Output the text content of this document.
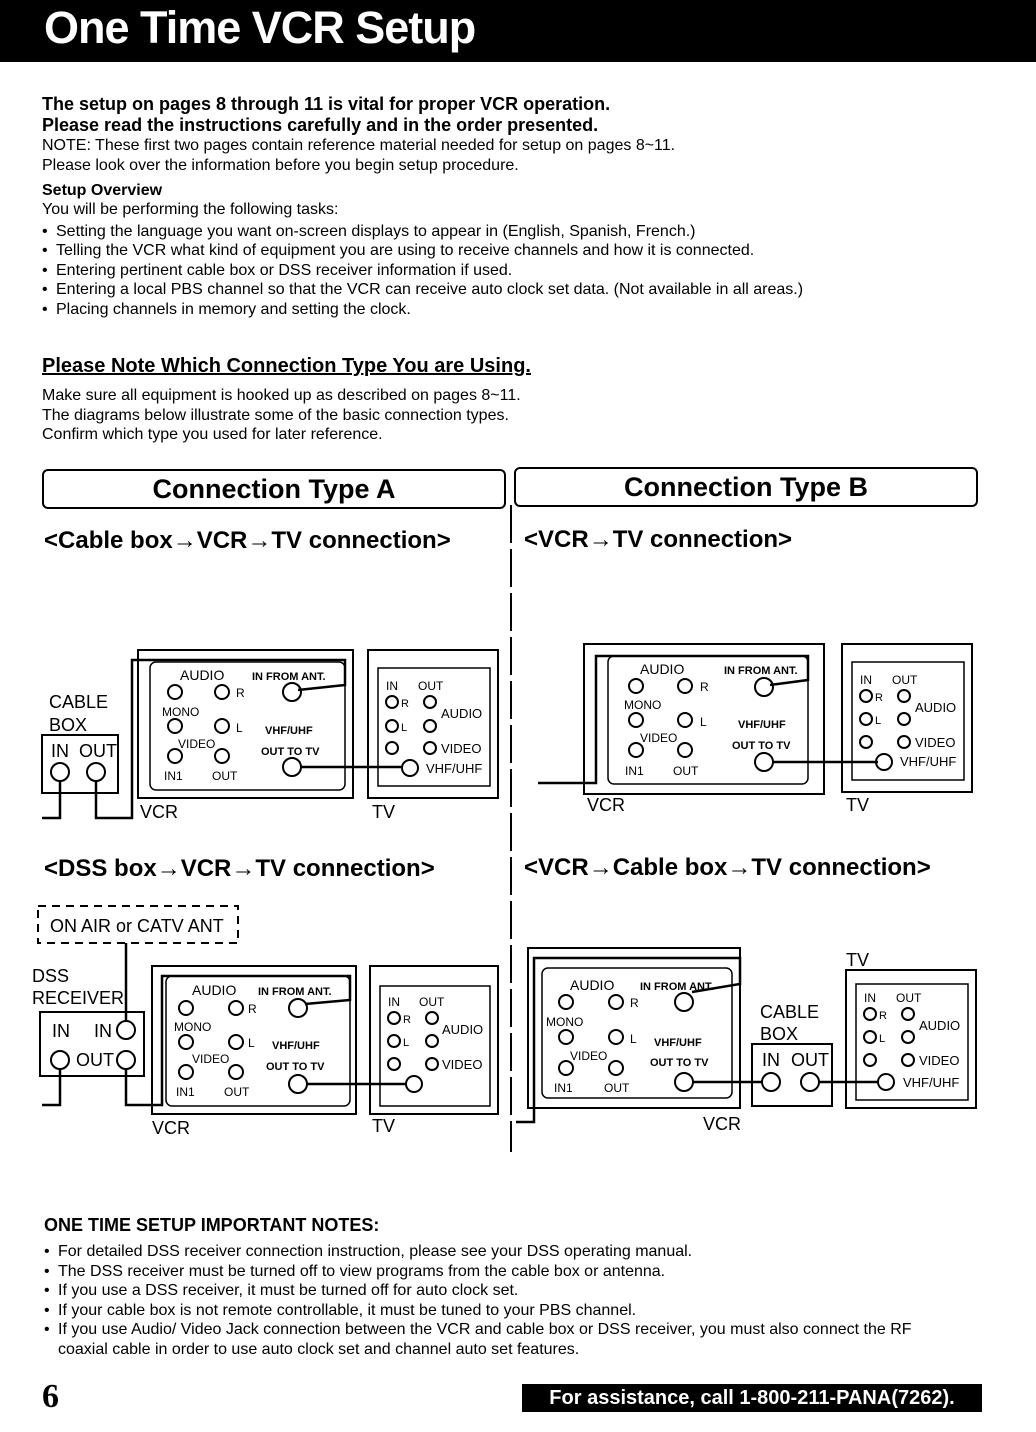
One Time VCR Setup
The setup on pages 8 through 11 is vital for proper VCR operation.
Please read the instructions carefully and in the order presented.

NOTE: These first two pages contain reference material needed for setup on pages 8~11.

Please look over the information before you begin setup procedure.

Setup Overview

You will be performing the following tasks:

• Setting the language you want on-screen displays to appear in (English, Spanish, French.)
• Telling the VCR what kind of equipment you are using to receive channels and how it is connected.
• Entering pertinent cable box or DSS receiver information if used.
• Entering a local PBS channel so that the VCR can receive auto clock set data. (Not available in all areas.)
• Placing channels in memory and setting the clock.
Please Note Which Connection Type You are Using.

Make sure all equipment is hooked up as described on pages 8~11.

The diagrams below illustrate some of the basic connection types.

Confirm which type you used for later reference.

Connection Type A	Connection Type B
<Cable box→VCR→TV connection>	<VCR→TV connection>
<DSS box→VCR→TV connection>	<VCR→Cable box→TV connection>
CABLE
BOX
IN OUT
AUDIO	IN FROM ANT.
R
MONO
L VHF/UHF
VIDEO
OUT TO TV
IN1 OUT
VCR
IN OUT
R
AUDIO
L
VIDEO
VHF/UHF
TV
AUDIO	IN FROM ANT.
R
MONO
L	VHF/UHF
VIDEO
OUT TO TV
IN1 OUT
VCR
IN OUT
R
AUDIO
L
VIDEO
VHF/UHF
TV
ON AIR or CATV ANT
DSS
RECEIVER
IN IN
OUT
AUDIO IN FROM ANT.
R
MONO
L VHF/UHF
VIDEO
OUT TO TV
IN1 OUT
VCR
IN OUT
R
AUDIO
L
VIDEO
TV
AUDIO IN FROM ANT.
R
MONO
L VHF/UHF
VIDEO	OUT TO TV
IN1	OUT
VCR
CABLE
BOX
IN OUT
TV
IN OUT
R
AUDIO
L
VIDEO
VHF/UHF
ONE TIME SETUP IMPORTANT NOTES:
• For detailed DSS receiver connection instruction, please see your DSS operating manual.
• The DSS receiver must be turned off to view programs from the cable box or antenna.
• If you use a DSS receiver, it must be turned off for auto clock set.
• If your cable box is not remote controllable, it must be tuned to your PBS channel.
• If you use Audio/ Video Jack connection between the VCR and cable box or DSS receiver, you must also connect the RF coaxial cable in order to use auto clock set and channel auto set features.
6	For assistance, call 1-800-211-PANA(7262).
